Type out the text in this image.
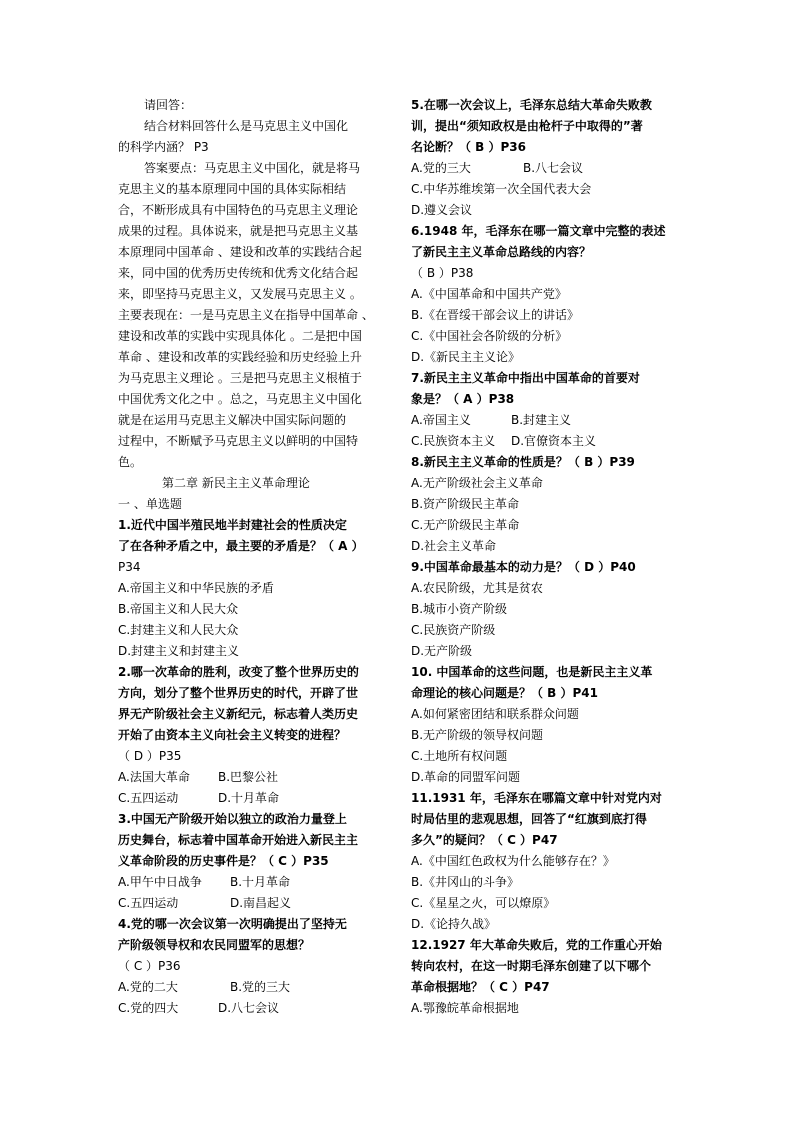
请回答：
结合材料回答什么是马克思主义中国化
的科学内涵？ P3
答案要点：马克思主义中国化，就是将马
克思主义的基本原理同中国的具体实际相结
合，不断形成具有中国特色的马克思主义理论
成果的过程。具体说来，就是把马克思主义基
本原理同中国革命 、建设和改革的实践结合起
来，同中国的优秀历史传统和优秀文化结合起
来，即坚持马克思主义，又发展马克思主义 。
主要表现在：一是马克思主义在指导中国革命 、
建设和改革的实践中实现具体化 。二是把中国
革命 、建设和改革的实践经验和历史经验上升
为马克思主义理论 。三是把马克思主义根植于
中国优秀文化之中 。总之，马克思主义中国化
就是在运用马克思主义解决中国实际问题的
过程中，不断赋予马克思主义以鲜明的中国特
色。
第二章 新民主主义革命理论
一 、单选题
1.近代中国半殖民地半封建社会的性质决定
了在各种矛盾之中，最主要的矛盾是？（ A ）
P34
A.帝国主义和中华民族的矛盾
B.帝国主义和人民大众
C.封建主义和人民大众
D.封建主义和封建主义
2.哪一次革命的胜利，改变了整个世界历史的
方向，划分了整个世界历史的时代，开辟了世
界无产阶级社会主义新纪元，标志着人类历史
开始了由资本主义向社会主义转变的进程？
（ D ）P35
A.法国大革命 B.巴黎公社
C.五四运动	D.十月革命
3.中国无产阶级开始以独立的政治力量登上
历史舞台，标志着中国革命开始进入新民主主
义革命阶段的历史事件是？（ C ）P35
A.甲午中日战争 B.十月革命
C.五四运动	D.南昌起义
4.党的哪一次会议第一次明确提出了坚持无
产阶级领导权和农民同盟军的思想？
（ C ）P36
A.党的二大	B.党的三大
C.党的四大	D.八七会议
5.在哪一次会议上，毛泽东总结大革命失败教
训，提出“须知政权是由枪杆子中取得的”著
名论断？（ B ）P36
A.党的三大	B.八七会议
C.中华苏维埃第一次全国代表大会
D.遵义会议
6.1948 年，毛泽东在哪一篇文章中完整的表述
了新民主主义革命总路线的内容？
（ B ）P38
A.《中国革命和中国共产党》
B.《在晋绥干部会议上的讲话》
C.《中国社会各阶级的分析》
D.《新民主主义论》
7.新民主主义革命中指出中国革命的首要对
象是？（ A ）P38
A.帝国主义	B.封建主义
C.民族资本主义 D.官僚资本主义
8.新民主主义革命的性质是？（ B ）P39
A.无产阶级社会主义革命
B.资产阶级民主革命
C.无产阶级民主革命
D.社会主义革命
9.中国革命最基本的动力是？（ D ）P40
A.农民阶级，尤其是贫农
B.城市小资产阶级
C.民族资产阶级
D.无产阶级
10. 中国革命的这些问题，也是新民主主义革
命理论的核心问题是？（ B ）P41
A.如何紧密团结和联系群众问题
B.无产阶级的领导权问题
C.土地所有权问题
D.革命的同盟军问题
11.1931 年，毛泽东在哪篇文章中针对党内对
时局估里的悲观思想，回答了“红旗到底打得
多久”的疑问？（ C ）P47
A.《中国红色政权为什么能够存在？》
B.《井冈山的斗争》
C.《星星之火，可以燎原》
D.《论持久战》
12.1927 年大革命失败后，党的工作重心开始
转向农村，在这一时期毛泽东创建了以下哪个
革命根据地？（ C ）P47
A.鄂豫皖革命根据地
